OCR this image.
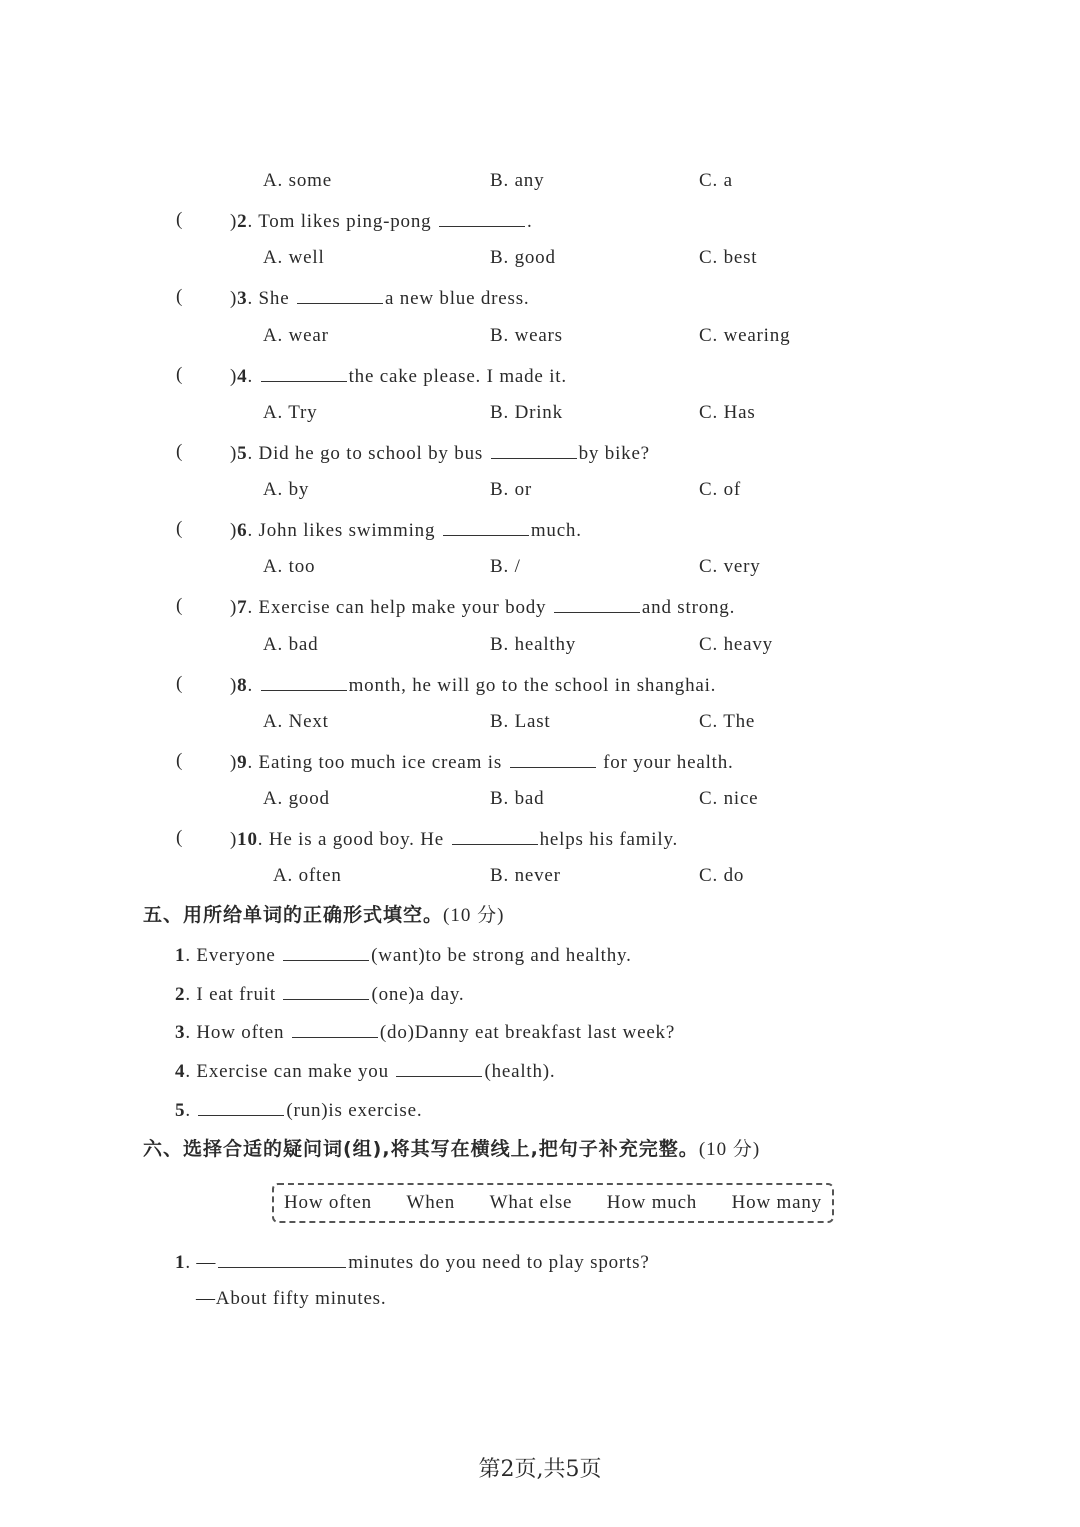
A. some	B. any	C. a
(	)2. Tom likes ping-pong	.
A. well	B. good	C. best
(	)3. She	a new blue dress.
A. wear	B. wears	C. wearing
(	)4.	the cake please. I made it.
A. Try	B. Drink	C. Has
(	)5. Did he go to school by bus	by bike?
A. by	B. or	C. of
(	)6. John likes swimming	much.
A. too	B. /	C. very
(	)7. Exercise can help make your body	and strong.
A. bad	B. healthy	C. heavy
(	)8.	month, he will go to the school in shanghai.
A. Next	B. Last	C. The
(	)9. Eating too much ice cream is	for your health.
A. good	B. bad	C. nice
(	)10. He is a good boy. He	helps his family.
A. often	B. never	C. do
五、用所给单词的正确形式填空。(10 分)
1. Everyone	(want)to be strong and healthy.
2. I eat fruit	(one)a day.
3. How often	(do)Danny eat breakfast last week?
4. Exercise can make you	(health).
5.	(run)is exercise.
六、选择合适的疑问词(组),将其写在横线上,把句子补充完整。(10 分)
How often When What else How much How many
1. —	minutes do you need to play sports?
—About fifty minutes.
第2页,共5页
